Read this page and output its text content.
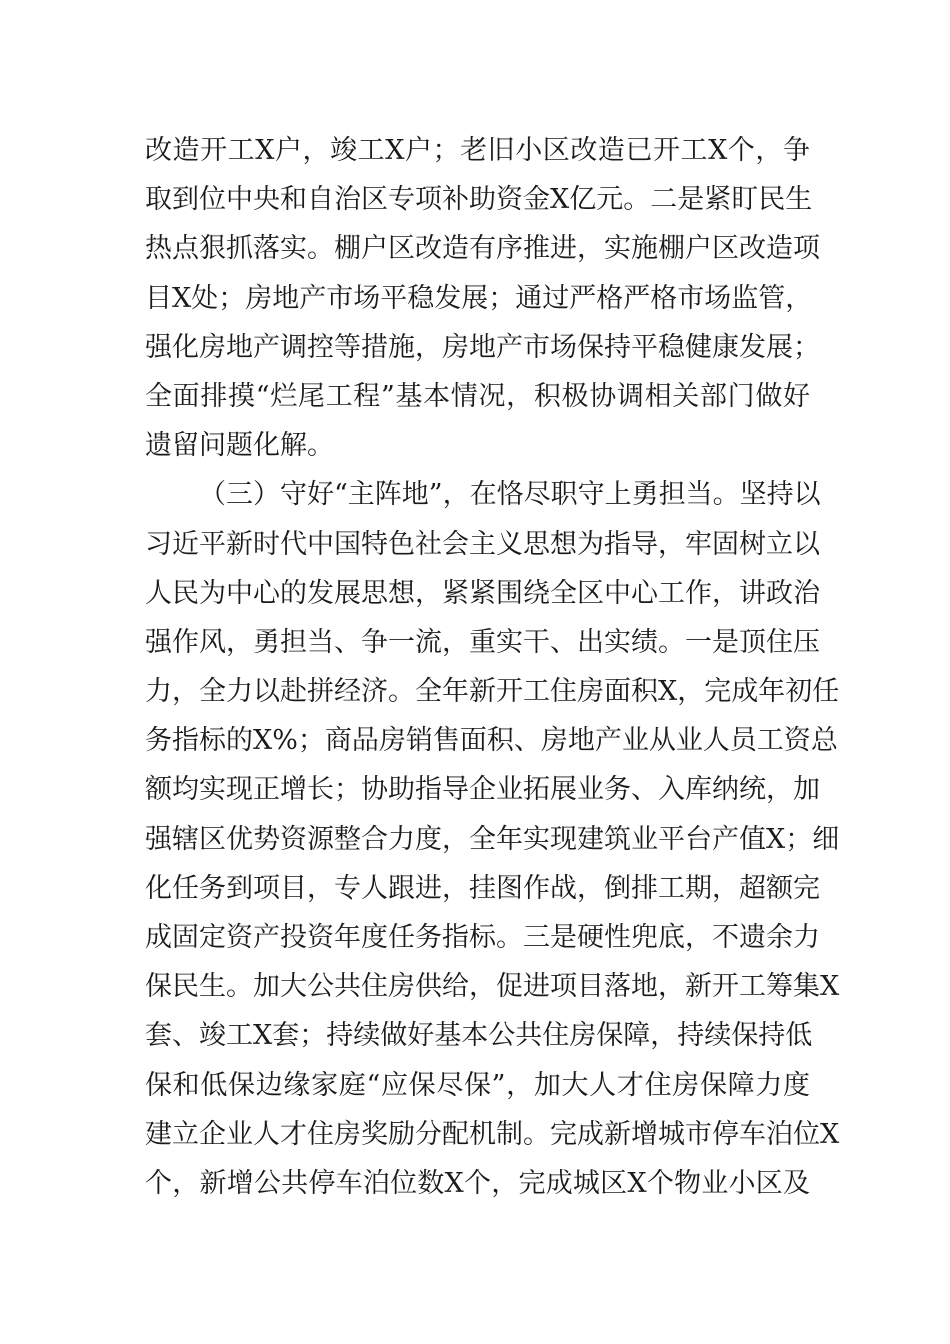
改造开工X户，竣工X户；老旧小区改造已开工X个，争
取到位中央和自治区专项补助资金X亿元。二是紧盯民生
热点狠抓落实。棚户区改造有序推进，实施棚户区改造项
目X处；房地产市场平稳发展；通过严格严格市场监管，
强化房地产调控等措施，房地产市场保持平稳健康发展；
全面排摸“烂尾工程”基本情况，积极协调相关部门做好
遗留问题化解。
（三）守好“主阵地”，在恪尽职守上勇担当。坚持以
习近平新时代中国特色社会主义思想为指导，牢固树立以
人民为中心的发展思想，紧紧围绕全区中心工作，讲政治
强作风，勇担当、争一流，重实干、出实绩。一是顶住压
力，全力以赴拼经济。全年新开工住房面积X，完成年初任
务指标的X%；商品房销售面积、房地产业从业人员工资总
额均实现正增长；协助指导企业拓展业务、入库纳统，加
强辖区优势资源整合力度，全年实现建筑业平台产值X；细
化任务到项目，专人跟进，挂图作战，倒排工期，超额完
成固定资产投资年度任务指标。三是硬性兜底，不遗余力
保民生。加大公共住房供给，促进项目落地，新开工筹集X
套、竣工X套；持续做好基本公共住房保障，持续保持低
保和低保边缘家庭“应保尽保”，加大人才住房保障力度
建立企业人才住房奖励分配机制。完成新增城市停车泊位X
个，新增公共停车泊位数X个，完成城区X个物业小区及
